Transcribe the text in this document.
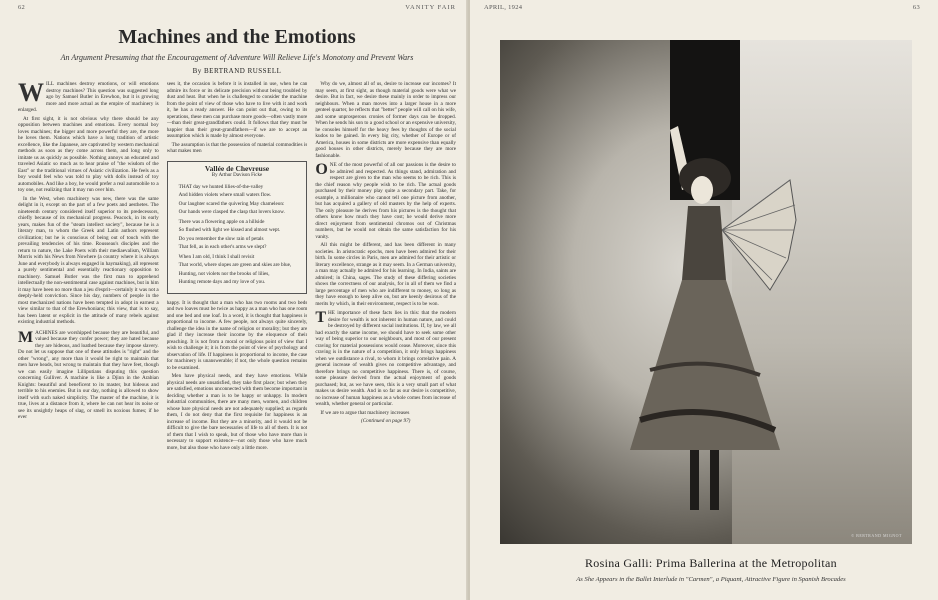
62	VANITY FAIR
Machines and the Emotions
An Argument Presuming that the Encouragement of Adventure Will Relieve Life's Monotony and Prevent Wars
By BERTRAND RUSSELL

WILL machines destroy emotions, or will emotions destroy machines? This question was suggested long ago by Samuel Butler in Erewhon, but it is growing more and more actual as the empire of machinery is enlarged.

At first sight, it is not obvious why there should be any opposition between machines and emotions. Every normal boy loves machines; the bigger and more powerful they are, the more he loves them. Nations which have a long tradition of artistic excellence, like the Japanese, are captivated by western mechanical methods as soon as they come across them, and long only to imitate us as quickly as possible. Nothing annoys an educated and traveled Asiatic so much as to hear praise of "the wisdom of the East" or the traditional virtues of Asiatic civilization. He feels as a boy would feel who was told to play with dolls instead of toy automobiles. And like a boy, he would prefer a real automobile to a toy one, not realizing that it may run over him.

In the West, when machinery was new, there was the same delight in it, except on the part of a few poets and aesthetes. The nineteenth century considered itself superior to its predecessors, chiefly because of its mechanical progress. Peacock, in its early years, makes fun of the "steam intellect society", because he is a literary man, to whom the Greek and Latin authors represent civilization; but he is conscious of being out of touch with the prevailing tendencies of his time. Rousseau's disciples and the return to nature, the Lake Poets with their mediaevalism, William Morris with his News from Nowhere (a country where it is always June and everybody is always engaged in haymaking), all represent a purely sentimental and essentially reactionary opposition to machinery. Samuel Butler was the first man to apprehend intellectually the non-sentimental case against machines, but in him it may have been no more than a jeu d'esprit—certainly it was not a deeply-held conviction. Since his day, numbers of people in the most mechanized nations have been tempted in adopt in earnest a view similar to that of the Erewhonians; this view, that is to say, has been latent or explicit in the attitude of many rebels against existing industrial methods.

MACHINES are worshipped because they are beautiful, and valued because they confer power; they are hated because they are hideous, and loathed because they impose slavery. Do not let us suppose that one of these attitudes is "right" and the other "wrong", any more than it would be right to maintain that men have heads, but wrong to maintain that they have feet, though we can easily imagine Lilliputians disputing this question concerning Gulliver. A machine is like a Djinn in the Arabian Knights: beautiful and beneficent to its master, but hideous and terrible to his enemies. But in our day, nothing is allowed to show itself with such naked simplicity. The master of the machine, it is true, lives at a distance from it, where he can not hear its noise or see its unsightly heaps of slag, or smell its noxious fumes; if he ever

sees it, the occasion is before it is installed in use, when he can admire its force or its delicate precision without being troubled by dust and heat. But when he is challenged to consider the machine from the point of view of those who have to live with it and work it, he has a ready answer. He can point out that, owing to its operations, these men can purchase more goods—often vastly more—than their great-grandfathers could. It follows that they must be happier than their great-grandfathers—if we are to accept an assumption which is made by almost everyone.

The assumption is that the possession of material commodities is what makes men

Vallée de Chevreuse
By Arthur Davison Ficke

THAT day we hunted lilies-of-the-valley

And hidden violets where small waters flow.

Our laughter scared the quivering May chameleon:

Our hands were clasped the clasp that lovers know.

There was a flowering apple on a hillside

So flushed with light we kissed and almost wept.

Do you remember the slow rain of petals

That fell, as in each other's arms we slept?

When I am old, I think I shall revisit

That world, where slopes are green and skies are blue,

Hunting, not violets nor the brooks of lilies,

Hunting remote days and my love of you.

happy. It is thought that a man who has two rooms and two beds and two loaves must be twice as happy as a man who has one room and one bed and one loaf. In a word, it is thought that happiness is proportional to income. A few people, not always quite sincerely, challenge the idea in the name of religion or morality; but they are glad if they increase their income by the eloquence of their preaching. It is not from a moral or religious point of view that I wish to challenge it; it is from the point of view of psychology and observation of life. If happiness is proportional to income, the case for machinery is unanswerable; if not, the whole question remains to be examined.

Men have physical needs, and they have emotions. While physical needs are unsatisfied, they take first place; but when they are satisfied, emotions unconnected with them become important in deciding whether a man is to be happy or unhappy. In modern industrial communities, there are many men, women, and children whose bare physical needs are not adequately supplied; as regards them, I do not deny that the first requisite for happiness is an increase of income. But they are a minority, and it would not be difficult to give the bare necessaries of life to all of them. It is not of them that I wish to speak, but of those who have more than is necessary to support existence—not only those who have much more, but also those who have only a little more.

Why do we, almost all of us, desire to increase our incomes? It may seem, at first sight, as though material goods were what we desire. But in fact, we desire these mainly in order to impress our neighbours. When a man moves into a larger house in a more genteel quarter, he reflects that "better" people will call on his wife, and some unprosperous cronies of former days can be dropped. When he sends his son to a good school or an expensive university, he consoles himself for the heavy fees by thoughts of the social kudos to be gained. In every big city, whether of Europe or of America, houses in some districts are more expensive than equally good houses in other districts, merely because they are more fashionable.

ONE of the most powerful of all our passions is the desire to be admired and respected. As things stand, admiration and respect are given to the man who seems to be rich. This is the chief reason why people wish to be rich. The actual goods purchased by their money play quite a secondary part. Take, for example, a millionaire who cannot tell one picture from another, but has acquired a gallery of old masters by the help of experts. The only pleasure he derives from his pictures is the thought that others know how much they have cost; he would derive more direct enjoyment from sentimental chromos out of Christmas numbers, but he would not obtain the same satisfaction for his vanity.

All this might be different, and has been different in many societies. In aristocratic epochs, men have been admired for their birth. In some circles in Paris, men are admired for their artistic or literary excellence, strange as it may seem. In a German university, a man may actually be admired for his learning. In India, saints are admired; in China, sages. The study of these differing societies shows the correctness of our analysis, for in all of them we find a large percentage of men who are indifferent to money, so long as they have enough to keep alive on, but are keenly desirous of the merits by which, in their environment, respect is to be won.

THE importance of these facts lies in this: that the modern desire for wealth is not inherent in human nature, and could be destroyed by different social institutions. If, by law, we all had exactly the same income, we should have to seek some other way of being superior to our neighbours, and most of our present craving for material possessions would cease. Moreover, since this craving is in the nature of a competition, it only brings happiness when we outdistance a rival, to whom it brings correlative pain. A general increase of wealth gives no competitive advantage, and therefore brings no competitive happiness. There is, of course, some pleasure derived from the actual enjoyment of goods purchased; but, as we have seen, this is a very small part of what makes us desire wealth. And in so far as our desire is competitive, no increase of human happiness as a whole comes from increase of wealth, whether general or particular.

If we are to argue that machinery increases

(Continued on page 97)
APRIL, 1924	63
© BERTRAND MIGNOT
Rosina Galli: Prima Ballerina at the Metropolitan
As She Appears in the Ballet Interlude in "Carmen", a Piquant, Attractive Figure in Spanish Brocades
